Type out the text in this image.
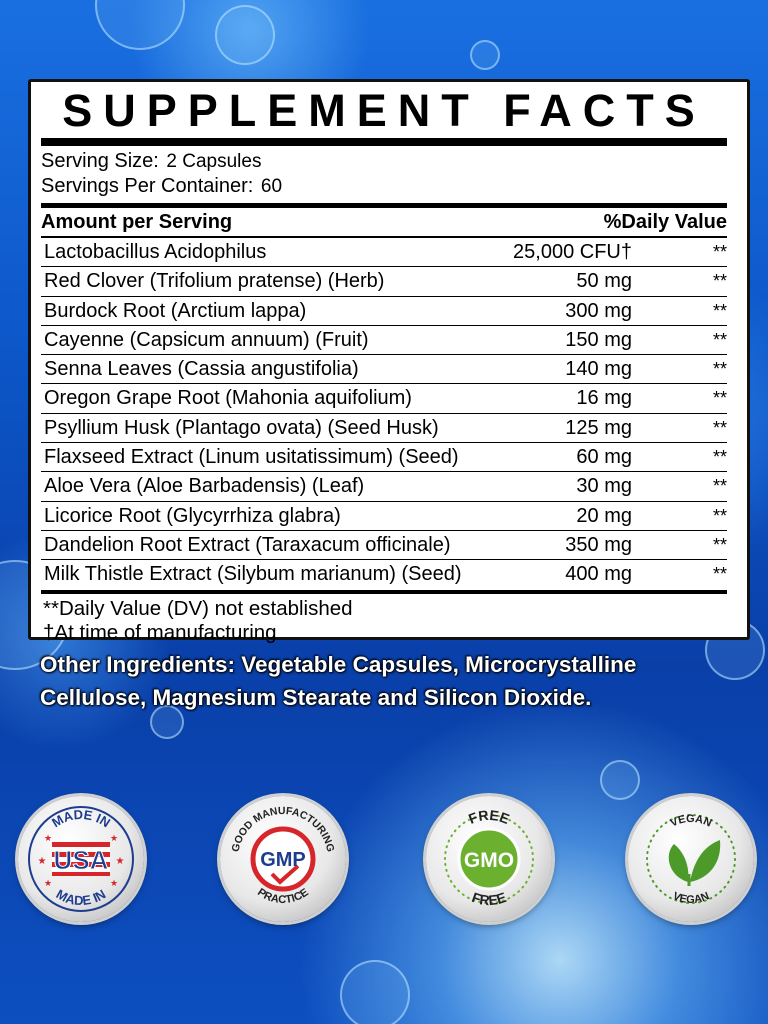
SUPPLEMENT FACTS
Serving Size: 2 Capsules
Servings Per Container: 60
Amount per Serving	%Daily Value
Lactobacillus Acidophilus	25,000 CFU†	**
Red Clover (Trifolium pratense) (Herb)	50 mg	**
Burdock Root (Arctium lappa)	300 mg	**
Cayenne (Capsicum annuum) (Fruit)	150 mg	**
Senna Leaves (Cassia angustifolia)	140 mg	**
Oregon Grape Root (Mahonia aquifolium)	16 mg	**
Psyllium Husk (Plantago ovata) (Seed Husk)	125 mg	**
Flaxseed Extract (Linum usitatissimum) (Seed)	60 mg	**
Aloe Vera (Aloe Barbadensis) (Leaf)	30 mg	**
Licorice Root (Glycyrrhiza glabra)	20 mg	**
Dandelion Root Extract (Taraxacum officinale)	350 mg	**
Milk Thistle Extract (Silybum marianum) (Seed)	400 mg	**
**Daily Value (DV) not established
†At time of manufacturing
Other Ingredients: Vegetable Capsules, Microcrystalline Cellulose, Magnesium Stearate and Silicon Dioxide.
MADE IN
MADE IN
USA
★	★
★	★
★	★
GOOD MANUFACTURING
PRACTICE
GMP
FREE
FREE
GMO
VEGAN
VEGAN
